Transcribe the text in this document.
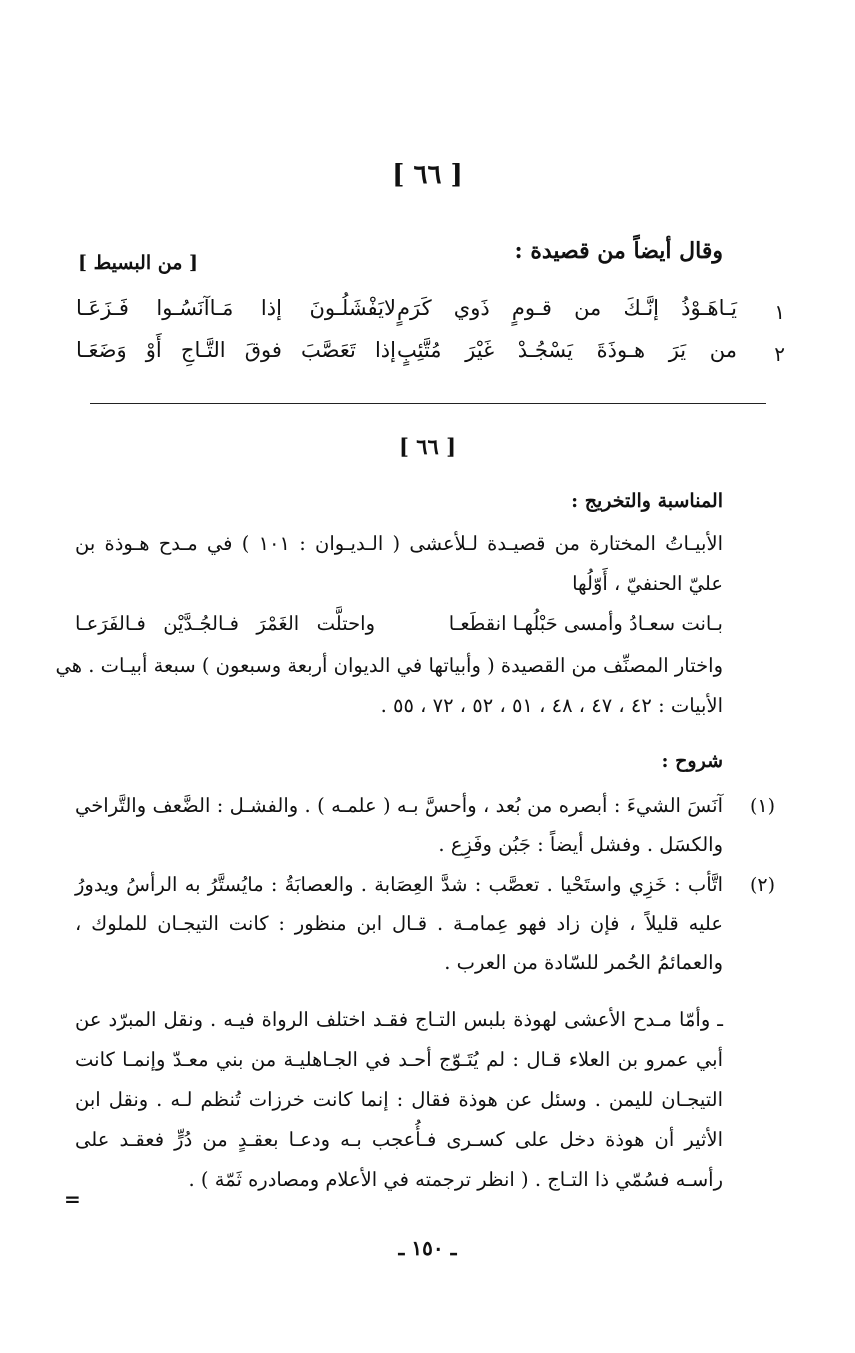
[ ٦٦ ]
وقال أيضاً من قصيدة :
[ من البسيط ]
١
يَـاهَـوْذُ إنَّـكَ من قـومٍ ذَوي كَرَمٍ
لايَفْشَلُـونَ إذا مَـاآنَسُـوا فَـزَعَـا
٢
من يَرَ هـوذَةَ يَسْجُـدْ غَيْرَ مُتَّئِبٍ
إذا تَعَصَّبَ فوقَ التَّـاجِ أَوْ وَضَعَـا
[ ٦٦ ]
المناسبة والتخريج :
الأبيـاتُ المختارة من قصيـدة لـلأعشى ( الـديـوان : ١٠١ ) في مـدح هـوذة بن عليّ الحنفيّ ، أَوّلُها
بـانت سعـادُ وأمسى حَبْلُهـا انقطَعـا
واحتلَّت الغَمْرَ فـالجُـدَّيْن فـالفَرَعـا
واختار المصنِّف من القصيدة ( وأبياتها في الديوان أربعة وسبعون ) سبعة أبيـات . هي
الأبيات : ٤٢ ، ٤٧ ، ٤٨ ، ٥١ ، ٥٢ ، ٧٢ ، ٥٥ .
شروح :
(١)
آنَسَ الشيءَ : أبصره من بُعد ، وأحسَّ بـه ( علمـه ) . والفشـل : الضَّعف والتَّراخي والكسَل . وفشل أيضاً : جَبُن وفَزِع .
(٢)
اتَّأب : خَزِي واستَحْيا . تعصَّب : شدَّ العِصَابة . والعصابَةُ : مايُستَّرُ به الرأسُ ويدورُ عليه قليلاً ، فإن زاد فهو عِمامـة . قـال ابن منظور : كانت التيجـان للملوك ، والعمائمُ الحُمر للسّادة من العرب .
ـ وأمّا مـدح الأعشى لهوذة بلبس التـاج فقـد اختلف الرواة فيـه . ونقل المبرّد عن أبي عمرو بن العلاء قـال : لم يُتَـوّج أحـد في الجـاهليـة من بني معـدّ وإنمـا كانت التيجـان لليمن . وسئل عن هوذة فقال : إنما كانت خرزات تُنظم لـه . ونقل ابن الأثير أن هوذة دخل على كسـرى فـأُعجب بـه ودعـا بعقـدٍ من دُرٍّ فعقـد على رأسـه فسُمّي ذا التـاج . ( انظر ترجمته في الأعلام ومصادره ثَمّة ) .
=
ـ ١٥٠ ـ
